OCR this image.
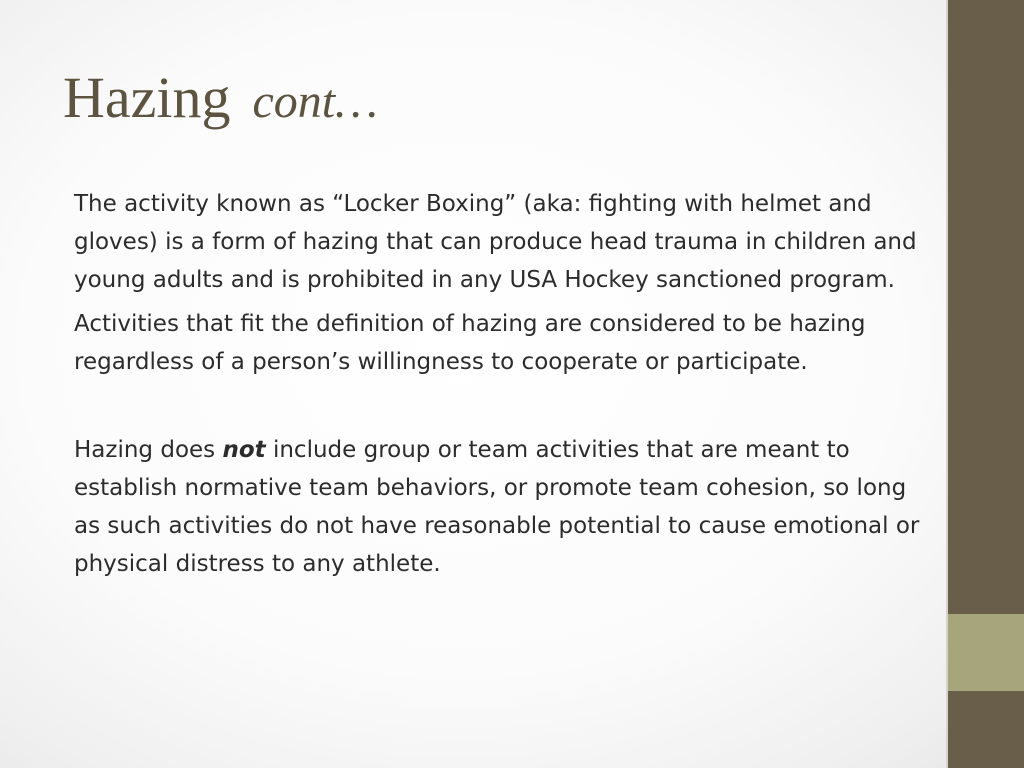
Hazing cont…

The activity known as “Locker Boxing” (aka: fighting with helmet and gloves) is a form of hazing that can produce head trauma in children and young adults and is prohibited in any USA Hockey sanctioned program.

Activities that fit the definition of hazing are considered to be hazing regardless of a person’s willingness to cooperate or participate.

Hazing does not include group or team activities that are meant to establish normative team behaviors, or promote team cohesion, so long as such activities do not have reasonable potential to cause emotional or physical distress to any athlete.
